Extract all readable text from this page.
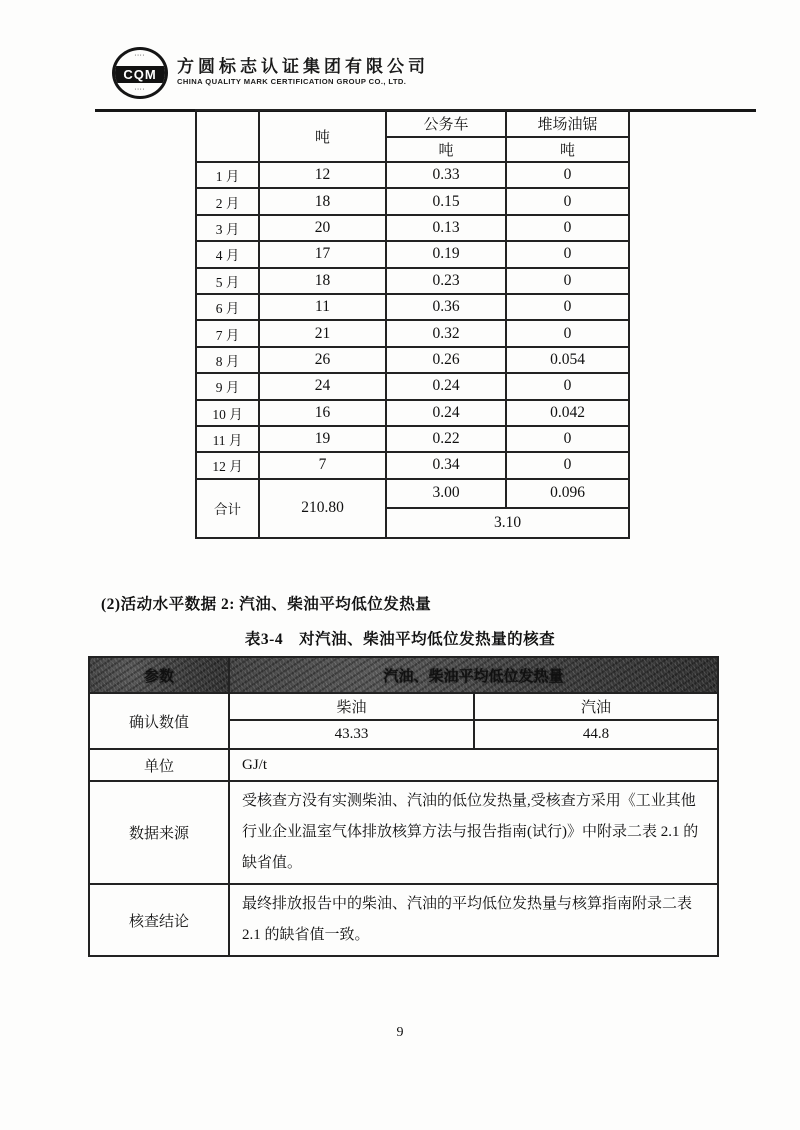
····
CQM
····
方圆标志认证集团有限公司
CHINA QUALITY MARK CERTIFICATION GROUP CO., LTD.
	吨	公务车	堆场油锯
		吨	吨
1 月	12	0.33	0
2 月	18	0.15	0
3 月	20	0.13	0
4 月	17	0.19	0
5 月	18	0.23	0
6 月	11	0.36	0
7 月	21	0.32	0
8 月	26	0.26	0.054
9 月	24	0.24	0
10 月	16	0.24	0.042
11 月	19	0.22	0
12 月	7	0.34	0
合计	210.80	3.00	0.096
		3.10	
(2)活动水平数据 2: 汽油、柴油平均低位发热量
表3-4　对汽油、柴油平均低位发热量的核查
参数	汽油、柴油平均低位发热量	
确认数值	柴油	汽油
	43.33	44.8
单位	GJ/t	
数据来源	受核查方没有实测柴油、汽油的低位发热量,受核查方采用《工业其他行业企业温室气体排放核算方法与报告指南(试行)》中附录二表 2.1 的缺省值。	
核查结论	最终排放报告中的柴油、汽油的平均低位发热量与核算指南附录二表 2.1 的缺省值一致。	
9
